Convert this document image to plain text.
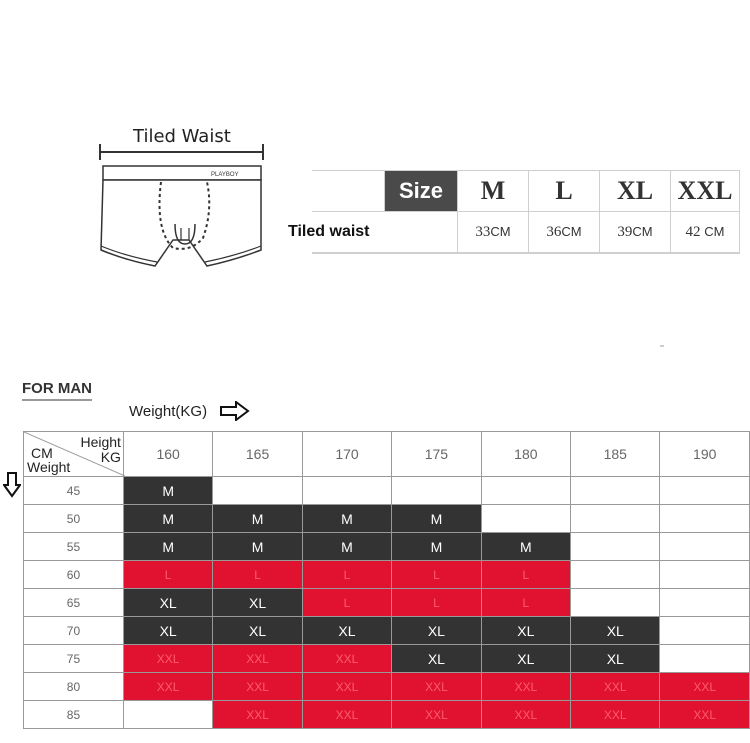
PLAYBOY
Tiled Waist
	Size	M	L	XL	XXL
Tiled waist		33CM	36CM	39CM	42 CM
FOR MAN
Weight(KG)
Height
KG
CM
Weight	160	165	170	175	180	185	190
45	M						
50	M	M	M	M			
55	M	M	M	M	M		
60	L	L	L	L	L		
65	XL	XL	L	L	L		
70	XL	XL	XL	XL	XL	XL	
75	XXL	XXL	XXL	XL	XL	XL	
80	XXL	XXL	XXL	XXL	XXL	XXL	XXL
85		XXL	XXL	XXL	XXL	XXL	XXL
